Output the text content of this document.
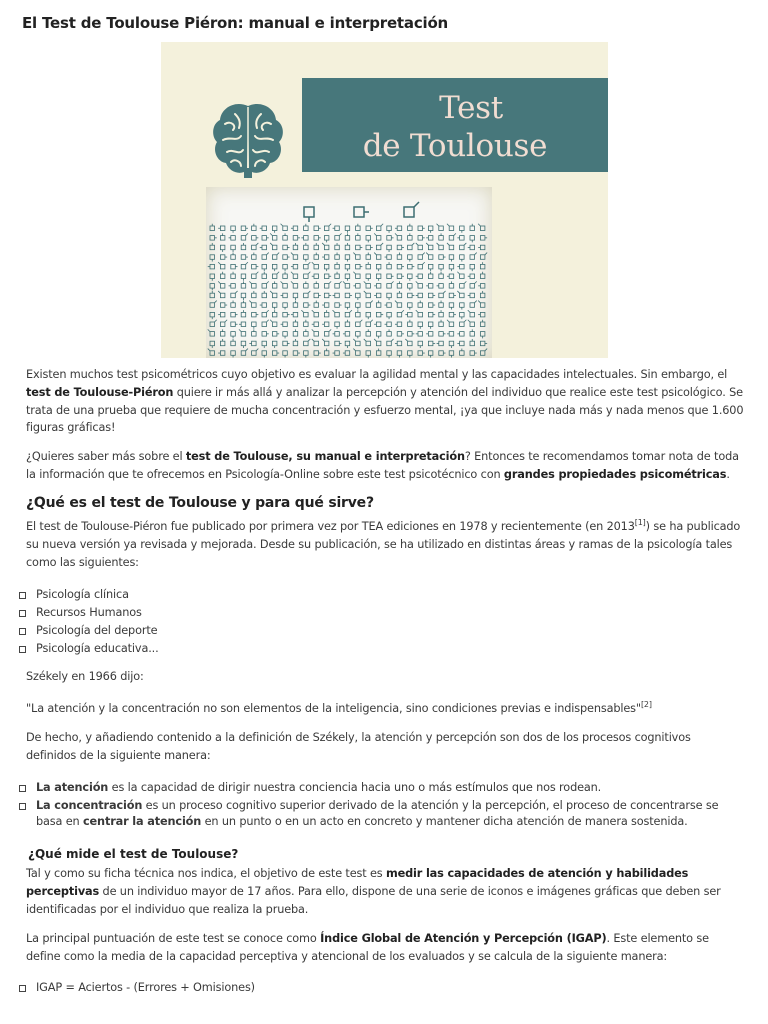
El Test de Toulouse Piéron: manual e interpretación
Test
de Toulouse
Existen muchos test psicométricos cuyo objetivo es evaluar la agilidad mental y las capacidades intelectuales. Sin embargo, el test de Toulouse-Piéron quiere ir más allá y analizar la percepción y atención del individuo que realice este test psicológico. Se trata de una prueba que requiere de mucha concentración y esfuerzo mental, ¡ya que incluye nada más y nada menos que 1.600 figuras gráficas!
¿Quieres saber más sobre el test de Toulouse, su manual e interpretación? Entonces te recomendamos tomar nota de toda la información que te ofrecemos en Psicología-Online sobre este test psicotécnico con grandes propiedades psicométricas.
¿Qué es el test de Toulouse y para qué sirve?
El test de Toulouse-Piéron fue publicado por primera vez por TEA ediciones en 1978 y recientemente (en 2013[1]) se ha publicado su nueva versión ya revisada y mejorada. Desde su publicación, se ha utilizado en distintas áreas y ramas de la psicología tales como las siguientes:
Psicología clínica
Recursos Humanos
Psicología del deporte
Psicología educativa...
Székely en 1966 dijo:
"La atención y la concentración no son elementos de la inteligencia, sino condiciones previas e indispensables"[2]
De hecho, y añadiendo contenido a la definición de Székely, la atención y percepción son dos de los procesos cognitivos definidos de la siguiente manera:
La atención es la capacidad de dirigir nuestra conciencia hacia uno o más estímulos que nos rodean.
La concentración es un proceso cognitivo superior derivado de la atención y la percepción, el proceso de concentrarse se basa en centrar la atención en un punto o en un acto en concreto y mantener dicha atención de manera sostenida.
¿Qué mide el test de Toulouse?
Tal y como su ficha técnica nos indica, el objetivo de este test es medir las capacidades de atención y habilidades perceptivas de un individuo mayor de 17 años. Para ello, dispone de una serie de iconos e imágenes gráficas que deben ser identificadas por el individuo que realiza la prueba.
La principal puntuación de este test se conoce como Índice Global de Atención y Percepción (IGAP). Este elemento se define como la media de la capacidad perceptiva y atencional de los evaluados y se calcula de la siguiente manera:
IGAP = Aciertos - (Errores + Omisiones)
